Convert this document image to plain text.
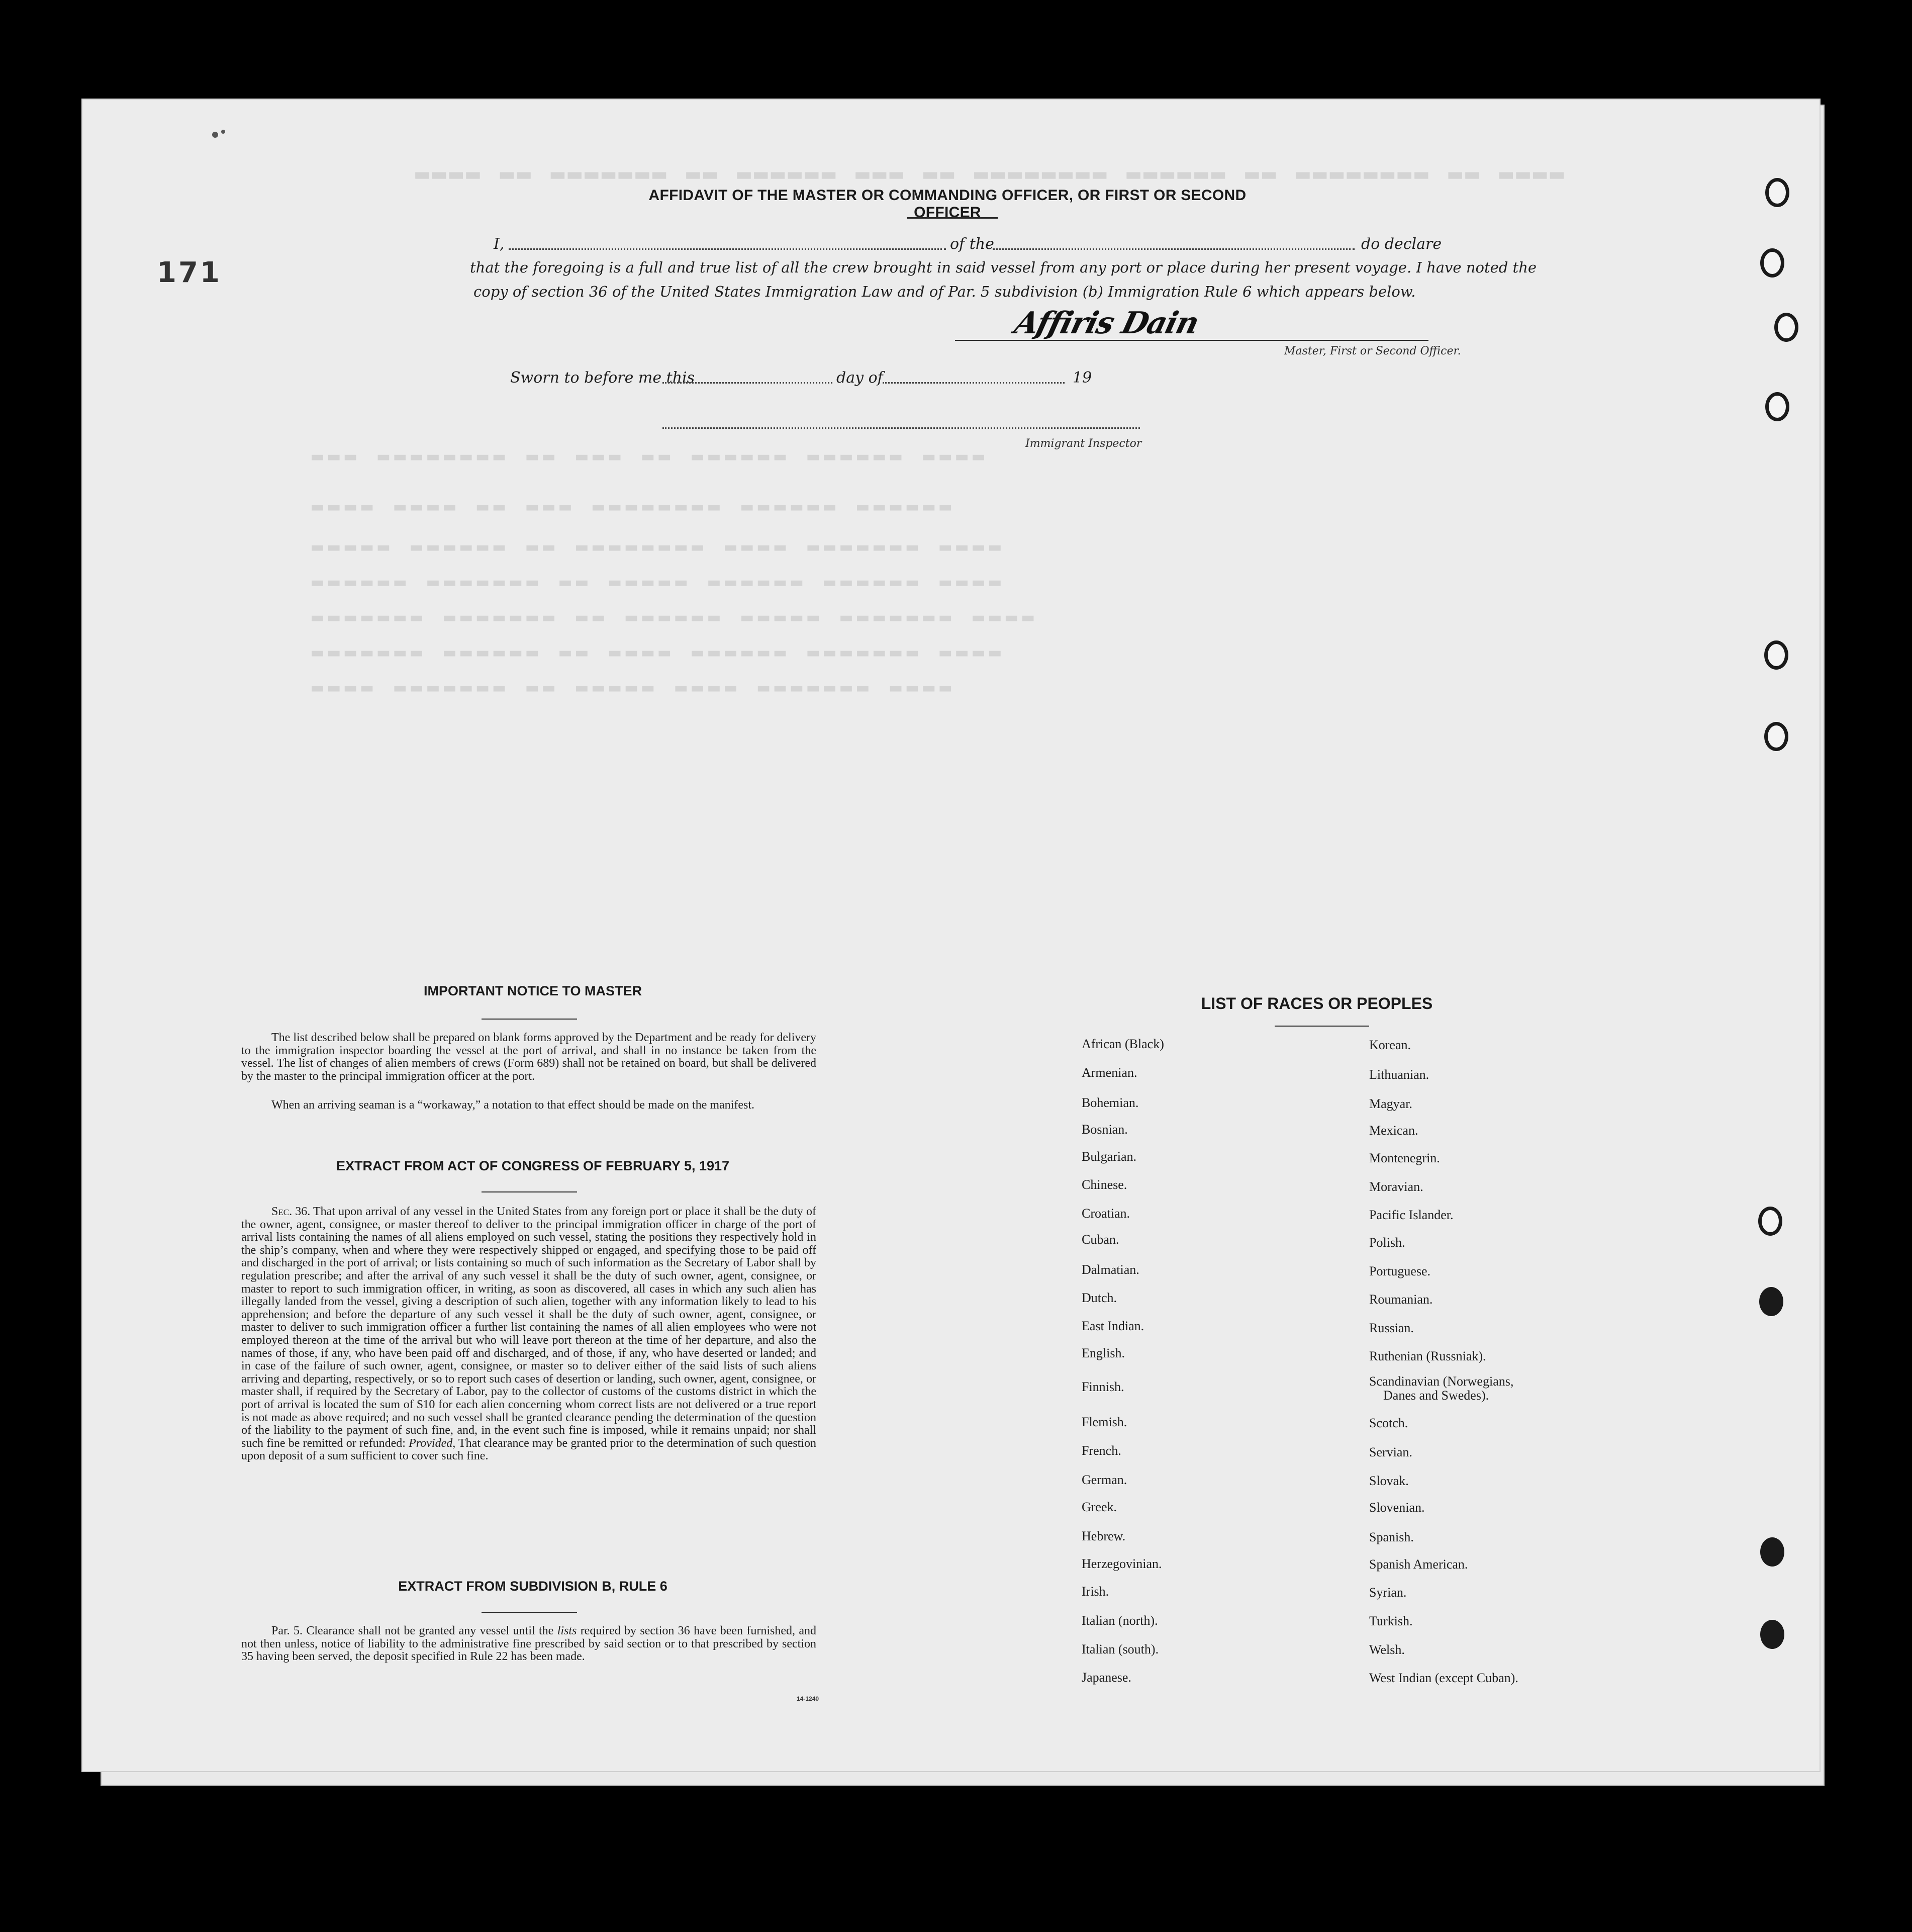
▬▬▬▬ ▬▬ ▬▬▬▬▬▬▬▬ ▬▬ ▬▬▬▬▬▬ ▬▬▬▬▬▬▬▬ ▬▬ ▬▬▬ ▬▬▬▬▬▬ ▬▬ ▬▬▬▬▬▬▬ ▬▬ ▬▬▬▬
▬▬▬ ▬▬▬▬▬▬▬▬ ▬▬ ▬▬▬ ▬▬ ▬▬▬▬▬▬ ▬▬▬▬▬▬ ▬▬▬▬
▬▬▬▬ ▬▬▬▬ ▬▬ ▬▬▬ ▬▬▬▬▬▬▬▬ ▬▬▬▬▬▬ ▬▬▬▬▬▬
▬▬▬▬▬ ▬▬▬▬▬▬ ▬▬ ▬▬▬▬▬▬▬▬ ▬▬▬▬ ▬▬▬▬▬▬▬ ▬▬▬▬
▬▬▬▬▬▬ ▬▬▬▬▬▬▬ ▬▬ ▬▬▬▬▬ ▬▬▬▬▬▬ ▬▬▬▬▬▬ ▬▬▬▬
▬▬▬▬▬▬▬ ▬▬▬▬▬▬▬ ▬▬ ▬▬▬▬▬▬ ▬▬▬▬▬ ▬▬▬▬▬▬▬ ▬▬▬▬
▬▬▬▬▬▬▬ ▬▬▬▬▬▬ ▬▬ ▬▬▬▬ ▬▬▬▬▬▬ ▬▬▬▬▬▬▬ ▬▬▬▬
▬▬▬▬ ▬▬▬▬▬▬▬ ▬▬ ▬▬▬▬▬ ▬▬▬▬ ▬▬▬▬▬▬▬ ▬▬▬▬
171
AFFIDAVIT OF THE MASTER OR COMMANDING OFFICER, OR FIRST OR SECOND OFFICER
I,	of the	do declare
that the foregoing is a full and true list of all the crew brought in said vessel from any port or place during her present voyage. I have noted the
copy of section 36 of the United States Immigration Law and of Par. 5 subdivision (b) Immigration Rule 6 which appears below.
Affiris Dain
Master, First or Second Officer.
Sworn to before me this	day of	19
Immigrant Inspector
IMPORTANT NOTICE TO MASTER

The list described below shall be prepared on blank forms approved by the Department and be ready for delivery to the immigration inspector boarding the vessel at the port of arrival, and shall in no instance be taken from the vessel. The list of changes of alien members of crews (Form 689) shall not be retained on board, but shall be delivered by the master to the principal immigration officer at the port.

When an arriving seaman is a “workaway,” a notation to that effect should be made on the manifest.

EXTRACT FROM ACT OF CONGRESS OF FEBRUARY 5, 1917

Sec. 36. That upon arrival of any vessel in the United States from any foreign port or place it shall be the duty of the owner, agent, consignee, or master thereof to deliver to the principal immigration officer in charge of the port of arrival lists containing the names of all aliens employed on such vessel, stating the positions they respectively hold in the ship’s company, when and where they were respectively shipped or engaged, and specifying those to be paid off and discharged in the port of arrival; or lists containing so much of such information as the Secretary of Labor shall by regulation prescribe; and after the arrival of any such vessel it shall be the duty of such owner, agent, consignee, or master to report to such immigration officer, in writing, as soon as discovered, all cases in which any such alien has illegally landed from the vessel, giving a description of such alien, together with any information likely to lead to his apprehension; and before the departure of any such vessel it shall be the duty of such owner, agent, consignee, or master to deliver to such immigration officer a further list containing the names of all alien employees who were not employed thereon at the time of the arrival but who will leave port thereon at the time of her departure, and also the names of those, if any, who have been paid off and discharged, and of those, if any, who have deserted or landed; and in case of the failure of such owner, agent, consignee, or master so to deliver either of the said lists of such aliens arriving and departing, respectively, or so to report such cases of desertion or landing, such owner, agent, consignee, or master shall, if required by the Secretary of Labor, pay to the collector of customs of the customs district in which the port of arrival is located the sum of $10 for each alien concerning whom correct lists are not delivered or a true report is not made as above required; and no such vessel shall be granted clearance pending the determination of the question of the liability to the payment of such fine, and, in the event such fine is imposed, while it remains unpaid; nor shall such fine be remitted or refunded: Provided, That clearance may be granted prior to the determination of such question upon deposit of a sum sufficient to cover such fine.

EXTRACT FROM SUBDIVISION B, RULE 6

Par. 5. Clearance shall not be granted any vessel until the lists required by section 36 have been furnished, and not then unless, notice of liability to the administrative fine prescribed by said section or to that prescribed by section 35 having been served, the deposit specified in Rule 22 has been made.

14-1240
LIST OF RACES OR PEOPLES
African (Black)
Armenian.
Bohemian.
Bosnian.
Bulgarian.
Chinese.
Croatian.
Cuban.
Dalmatian.
Dutch.
East Indian.
English.
Finnish.
Flemish.
French.
German.
Greek.
Hebrew.
Herzegovinian.
Irish.
Italian (north).
Italian (south).
Japanese.
Korean.
Lithuanian.
Magyar.
Mexican.
Montenegrin.
Moravian.
Pacific Islander.
Polish.
Portuguese.
Roumanian.
Russian.
Ruthenian (Russniak).
Scandinavian (Norwegians,
Danes and Swedes).
Scotch.
Servian.
Slovak.
Slovenian.
Spanish.
Spanish American.
Syrian.
Turkish.
Welsh.
West Indian (except Cuban).
